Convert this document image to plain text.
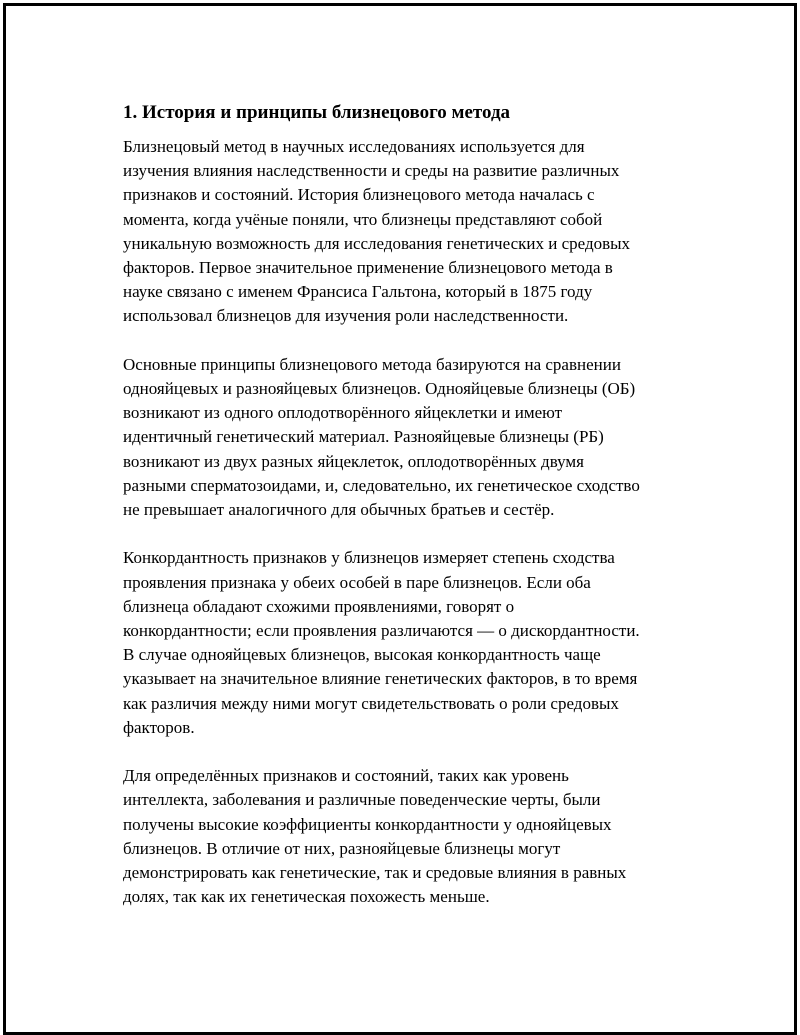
1. История и принципы близнецового метода

Близнецовый метод в научных исследованиях используется для
изучения влияния наследственности и среды на развитие различных
признаков и состояний. История близнецового метода началась с
момента, когда учёные поняли, что близнецы представляют собой
уникальную возможность для исследования генетических и средовых
факторов. Первое значительное применение близнецового метода в
науке связано с именем Франсиса Гальтона, который в 1875 году
использовал близнецов для изучения роли наследственности.

Основные принципы близнецового метода базируются на сравнении
однояйцевых и разнояйцевых близнецов. Однояйцевые близнецы (ОБ)
возникают из одного оплодотворённого яйцеклетки и имеют
идентичный генетический материал. Разнояйцевые близнецы (РБ)
возникают из двух разных яйцеклеток, оплодотворённых двумя
разными сперматозоидами, и, следовательно, их генетическое сходство
не превышает аналогичного для обычных братьев и сестёр.

Конкордантность признаков у близнецов измеряет степень сходства
проявления признака у обеих особей в паре близнецов. Если оба
близнеца обладают схожими проявлениями, говорят о
конкордантности; если проявления различаются — о дискордантности.
В случае однояйцевых близнецов, высокая конкордантность чаще
указывает на значительное влияние генетических факторов, в то время
как различия между ними могут свидетельствовать о роли средовых
факторов.

Для определённых признаков и состояний, таких как уровень
интеллекта, заболевания и различные поведенческие черты, были
получены высокие коэффициенты конкордантности у однояйцевых
близнецов. В отличие от них, разнояйцевые близнецы могут
демонстрировать как генетические, так и средовые влияния в равных
долях, так как их генетическая похожесть меньше.
